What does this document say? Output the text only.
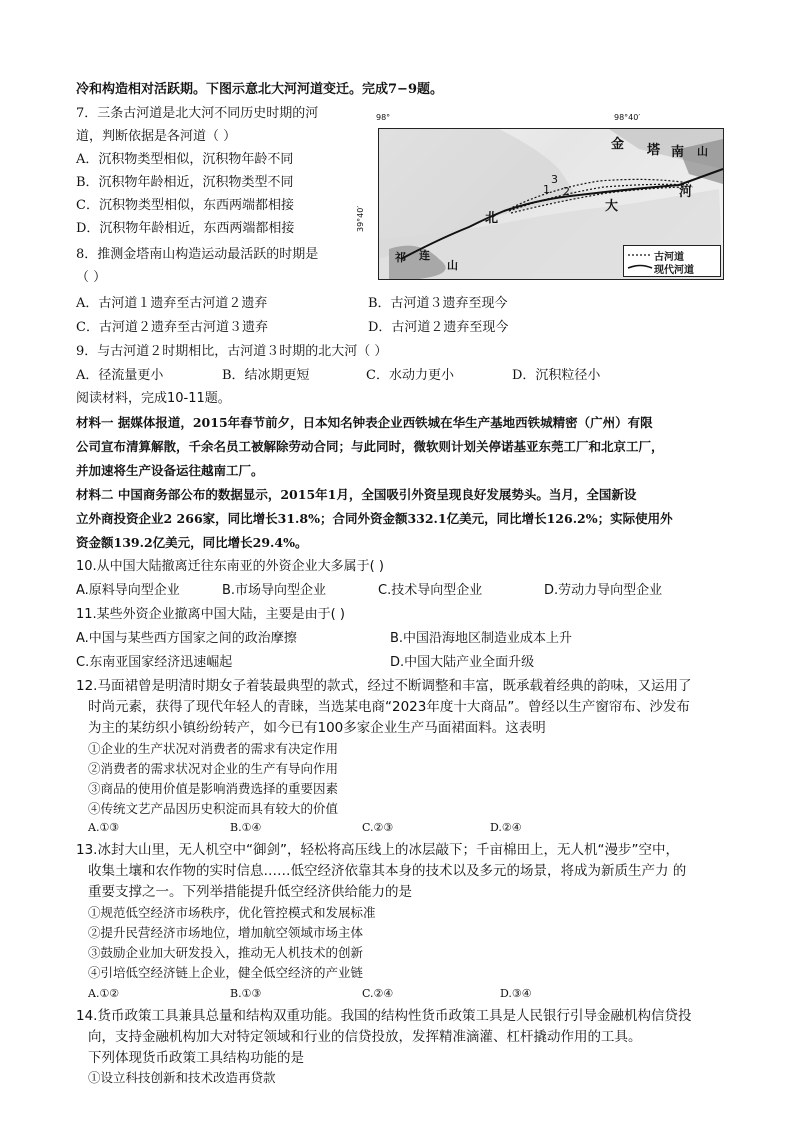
冷和构造相对活跃期。下图示意北大河河道变迁。完成7−9题。
7．三条古河道是北大河不同历史时期的河
道，判断依据是各河道（ ）
A．沉积物类型相似，沉积物年龄不同
B．沉积物年龄相近，沉积物类型不同
C．沉积物类型相似，东西两端都相接
D．沉积物年龄相近，东西两端都相接
8．推测金塔南山构造运动最活跃的时期是
（ ）
A．古河道１遗弃至古河道２遗弃	B．古河道３遗弃至现今
C．古河道２遗弃至古河道３遗弃	D．古河道２遗弃至现今
9．与古河道２时期相比，古河道３时期的北大河（ ）
A．径流量更小	B．结冰期更短	C．水动力更小	D．沉积粒径小
阅读材料，完成10-11题。
材料一 据媒体报道，2015年春节前夕，日本知名钟表企业西铁城在华生产基地西铁城精密（广州）有限
公司宣布清算解散，千余名员工被解除劳动合同；与此同时，微软则计划关停诺基亚东莞工厂和北京工厂，
并加速将生产设备运往越南工厂。
材料二 中国商务部公布的数据显示，2015年1月，全国吸引外资呈现良好发展势头。当月，全国新设
立外商投资企业2 266家，同比增长31.8%；合同外资金额332.1亿美元，同比增长126.2%；实际使用外
资金额139.2亿美元，同比增长29.4%。
10.从中国大陆撤离迁往东南亚的外资企业大多属于( )
A.原料导向型企业	B.市场导向型企业	C.技术导向型企业	D.劳动力导向型企业
11.某些外资企业撤离中国大陆，主要是由于( )
A.中国与某些西方国家之间的政治摩擦	B.中国沿海地区制造业成本上升
C.东南亚国家经济迅速崛起	D.中国大陆产业全面升级
12.马面裙曾是明清时期女子着装最典型的款式，经过不断调整和丰富，既承载着经典的韵味，又运用了
时尚元素，获得了现代年轻人的青睐，当选某电商“2023年度十大商品”。曾经以生产窗帘布、沙发布
为主的某纺织小镇纷纷转产，如今已有100多家企业生产马面裙面料。这表明
①企业的生产状况对消费者的需求有决定作用
②消费者的需求状况对企业的生产有导向作用
③商品的使用价值是影响消费选择的重要因素
④传统文艺产品因历史积淀而具有较大的价值
A.①③	B.①④	C.②③	D.②④
13.冰封大山里，无人机空中“御剑”，轻松将高压线上的冰层敲下；千亩棉田上，无人机“漫步”空中，
收集土壤和农作物的实时信息……低空经济依靠其本身的技术以及多元的场景，将成为新质生产力 的
重要支撑之一。下列举措能提升低空经济供给能力的是
①规范低空经济市场秩序，优化管控模式和发展标准
②提升民营经济市场地位，增加航空领域市场主体
③鼓励企业加大研发投入，推动无人机技术的创新
④引培低空经济链上企业，健全低空经济的产业链
A.①②	B.①③	C.②④	D.③④
14.货币政策工具兼具总量和结构双重功能。我国的结构性货币政策工具是人民银行引导金融机构信贷投
向，支持金融机构加大对特定领域和行业的信贷投放，发挥精准滴灌、杠杆撬动作用的工具。
下列体现货币政策工具结构功能的是
①设立科技创新和技术改造再贷款
98°	98°40′
39°40′
金 塔 南 山
河
大
北
祁 连
山
3
1 2
古河道
现代河道
